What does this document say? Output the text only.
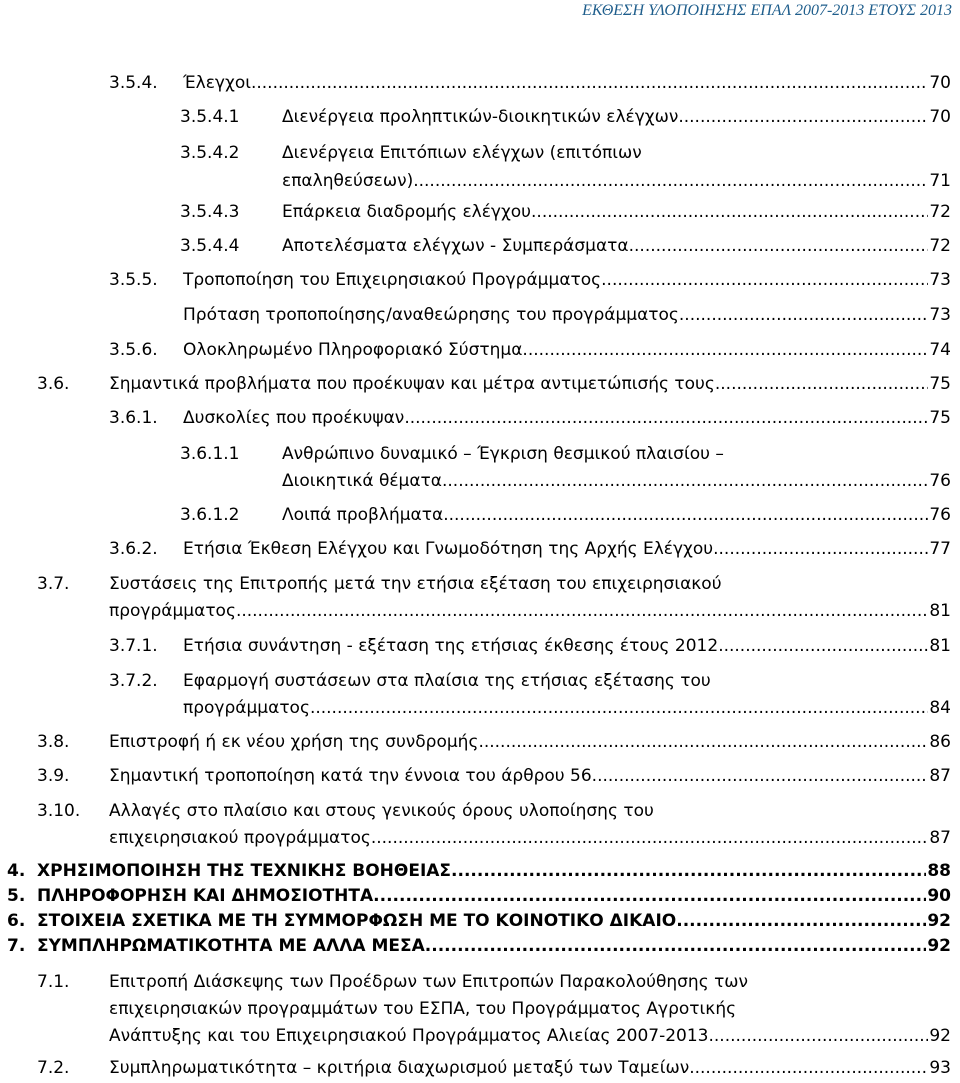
ΕΚΘΕΣΗ ΥΛΟΠΟΙΗΣΗΣ ΕΠΑΛ 2007-2013 ΕΤΟΥΣ 2013
3.5.4. Έλεγχοι .....	70
3.5.4.1	Διενέργεια προληπτικών-διοικητικών ελέγχων .....	70
3.5.4.2	Διενέργεια Επιτόπιων ελέγχων (επιτόπιων
επαληθεύσεων) .....	71
3.5.4.3	Επάρκεια διαδρομής ελέγχου .....	72
3.5.4.4	Αποτελέσματα ελέγχων - Συμπεράσματα .....	72
3.5.5. Τροποποίηση του Επιχειρησιακού Προγράμματος .....	73
Πρόταση τροποποίησης/αναθεώρησης του προγράμματος .....	73
3.5.6. Ολοκληρωμένο Πληροφοριακό Σύστημα .....	74
3.6. Σημαντικά προβλήματα που προέκυψαν και μέτρα αντιμετώπισής τους .....	75
3.6.1. Δυσκολίες που προέκυψαν .....	75
3.6.1.1	Ανθρώπινο δυναμικό – Έγκριση θεσμικού πλαισίου –
Διοικητικά θέματα .....	76
3.6.1.2	Λοιπά προβλήματα .....	76
3.6.2. Ετήσια Έκθεση Ελέγχου και Γνωμοδότηση της Αρχής Ελέγχου .....	77
3.7. Συστάσεις της Επιτροπής μετά την ετήσια εξέταση του επιχειρησιακού
προγράμματος .....	81
3.7.1. Ετήσια συνάντηση - εξέταση της ετήσιας έκθεσης έτους 2012 .....	81
3.7.2. Εφαρμογή συστάσεων στα πλαίσια της ετήσιας εξέτασης του
προγράμματος .....	84
3.8. Επιστροφή ή εκ νέου χρήση της συνδρομής .....	86
3.9. Σημαντική τροποποίηση κατά την έννοια του άρθρου 56 .....	87
3.10. Αλλαγές στο πλαίσιο και στους γενικούς όρους υλοποίησης του
επιχειρησιακού προγράμματος .....	87
4. ΧΡΗΣΙΜΟΠΟΙΗΣΗ ΤΗΣ ΤΕΧΝΙΚΗΣ ΒΟΗΘΕΙΑΣ .....	88
5. ΠΛΗΡΟΦΟΡΗΣΗ ΚΑΙ ΔΗΜΟΣΙΟΤΗΤΑ .....	90
6. ΣΤΟΙΧΕΙΑ ΣΧΕΤΙΚΑ ΜΕ ΤΗ ΣΥΜΜΟΡΦΩΣΗ ΜΕ ΤΟ ΚΟΙΝΟΤΙΚΟ ΔΙΚΑΙΟ .....	92
7. ΣΥΜΠΛΗΡΩΜΑΤΙΚΟΤΗΤΑ ΜΕ ΑΛΛΑ ΜΕΣΑ .....	92
7.1. Επιτροπή Διάσκεψης των Προέδρων των Επιτροπών Παρακολούθησης των
επιχειρησιακών προγραμμάτων του ΕΣΠΑ, του Προγράμματος Αγροτικής
Ανάπτυξης και του Επιχειρησιακού Προγράμματος Αλιείας 2007-2013 .....	92
7.2. Συμπληρωματικότητα – κριτήρια διαχωρισμού μεταξύ των Ταμείων .....	93
